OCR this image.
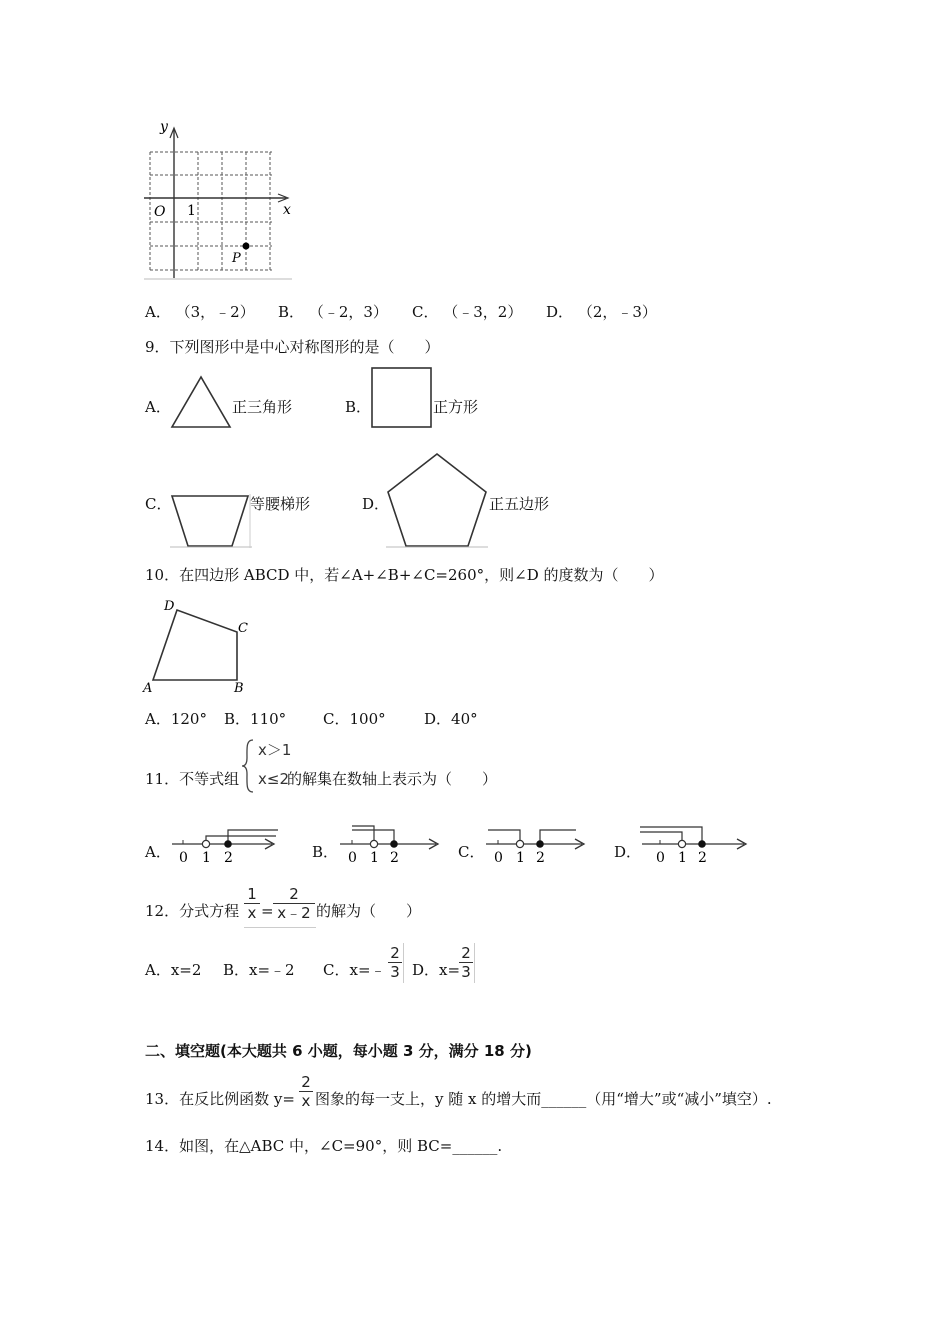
y
x
O 1
P
A． （3，﹣2） B． （﹣2，3） C． （﹣3，2） D． （2，﹣3）
9．下列图形中是中心对称图形的是（　　）
A．	正三角形	B．	正方形
C．	等腰梯形	D．	正五边形
10．在四边形 ABCD 中，若∠A+∠B+∠C=260°，则∠D 的度数为（　　）
D
C
A	B
A．120° B．110° C．100°	D．40°
11．不等式组
x＞1
x≤2
的解集在数轴上表示为（　　）
A． 0 1 2	B． 0 1 2	C． 0 1 2	D． 0 1 2
12．分式方程 $\frac{1}{x} = \frac{2}{x﹣2}$ 的解为（　　）
A．x=2 B．x=﹣2 C．x=﹣ $\frac{2}{3}$ D．x=
$\frac{2}{3}$
二、填空题(本大题共 6 小题，每小题 3 分，满分 18 分)
13．在反比例函数 $y= \frac{2}{x}$ 图象的每一支上，y 随 x 的增大而______（用“增大”或“减小”填空）.
14．如图，在△ABC 中，∠C=90°，则 BC=______.
